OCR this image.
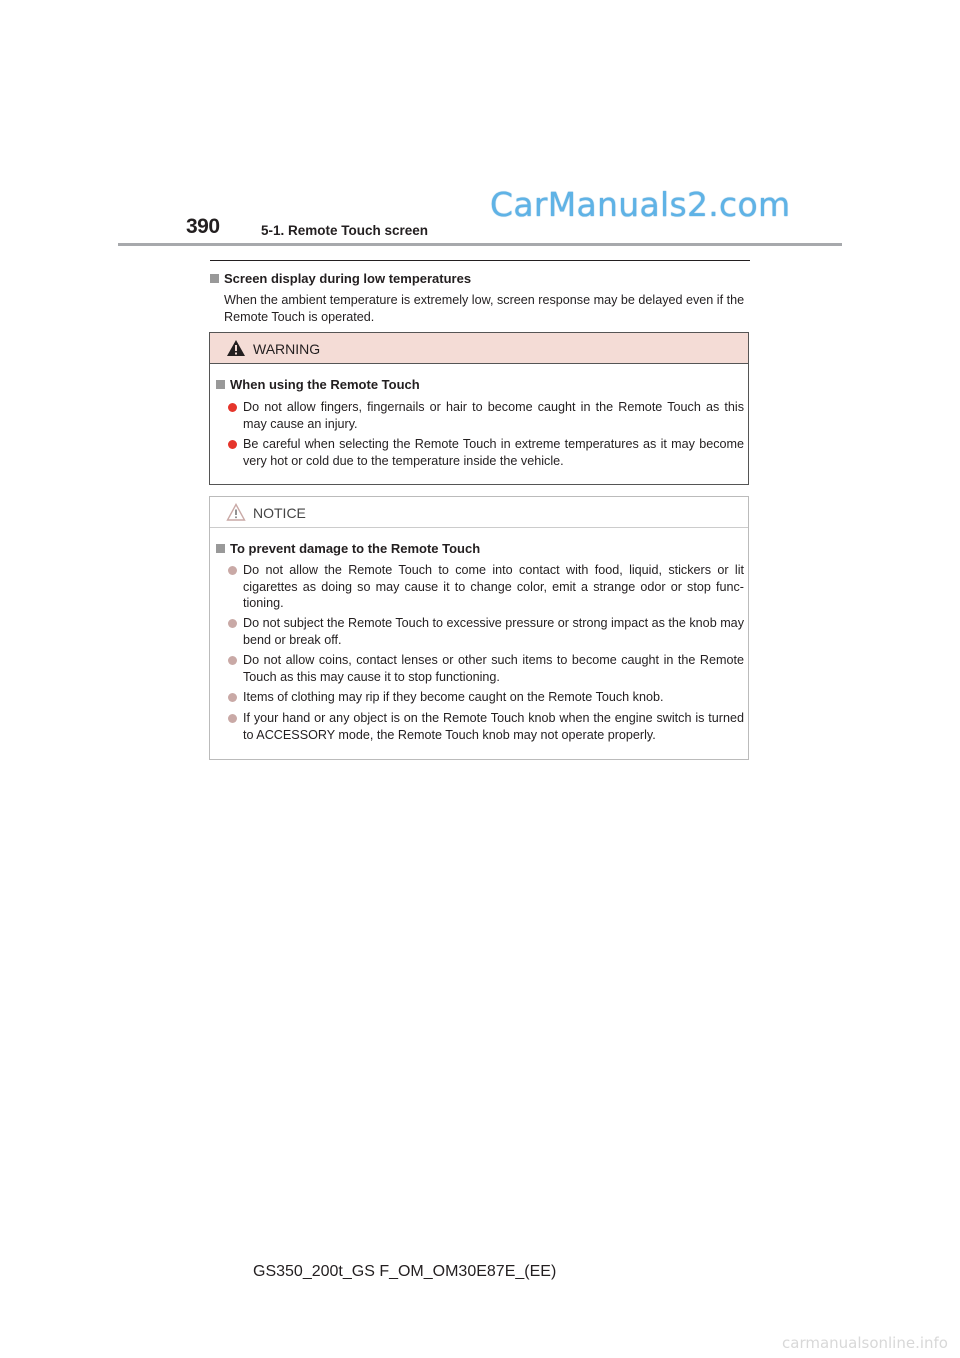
390	5-1. Remote Touch screen
CarManuals2.com
Screen display during low temperatures
When the ambient temperature is extremely low, screen response may be delayed even if the Remote Touch is operated.
WARNING
When using the Remote Touch
Do not allow fingers, fingernails or hair to become caught in the Remote Touch as this may cause an injury.
Be careful when selecting the Remote Touch in extreme temperatures as it may become very hot or cold due to the temperature inside the vehicle.
NOTICE
To prevent damage to the Remote Touch
Do not allow the Remote Touch to come into contact with food, liquid, stickers or lit cigarettes as doing so may cause it to change color, emit a strange odor or stop func-tioning.
Do not subject the Remote Touch to excessive pressure or strong impact as the knob may bend or break off.
Do not allow coins, contact lenses or other such items to become caught in the Remote Touch as this may cause it to stop functioning.
Items of clothing may rip if they become caught on the Remote Touch knob.
If your hand or any object is on the Remote Touch knob when the engine switch is turned to ACCESSORY mode, the Remote Touch knob may not operate properly.
GS350_200t_GS F_OM_OM30E87E_(EE)
carmanualsonline.info
